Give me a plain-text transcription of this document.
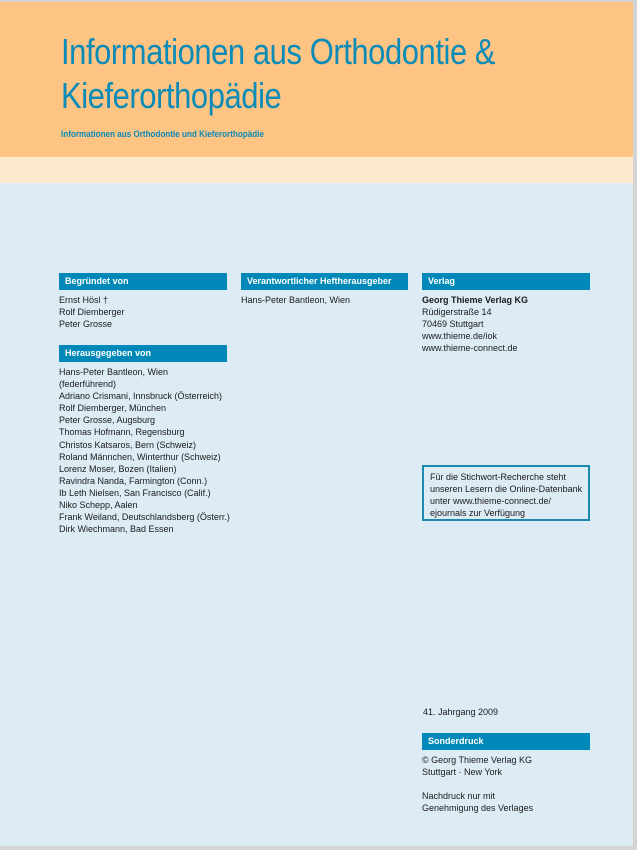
Informationen aus Orthodontie &
Kieferorthopädie
Informationen aus Orthodontie und Kieferorthopädie
Begründet von
Ernst Hösl †
Rolf Diemberger
Peter Grosse
Herausgegeben von
Hans-Peter Bantleon, Wien
(federführend)
Adriano Crismani, Innsbruck (Österreich)
Rolf Diemberger, München
Peter Grosse, Augsburg
Thomas Hofmann, Regensburg
Christos Katsaros, Bern (Schweiz)
Roland Männchen, Winterthur (Schweiz)
Lorenz Moser, Bozen (Italien)
Ravindra Nanda, Farmington (Conn.)
Ib Leth Nielsen, San Francisco (Calif.)
Niko Schepp, Aalen
Frank Weiland, Deutschlandsberg (Österr.)
Dirk Wiechmann, Bad Essen
Verantwortlicher Heftherausgeber
Hans-Peter Bantleon, Wien
Verlag
Georg Thieme Verlag KG
Rüdigerstraße 14
70469 Stuttgart
www.thieme.de/iok
www.thieme-connect.de
Für die Stichwort-Recherche steht
unseren Lesern die Online-Datenbank
unter www.thieme-connect.de/
ejournals zur Verfügung
41. Jahrgang 2009
Sonderdruck
© Georg Thieme Verlag KG
Stuttgart · New York
Nachdruck nur mit
Genehmigung des Verlages
